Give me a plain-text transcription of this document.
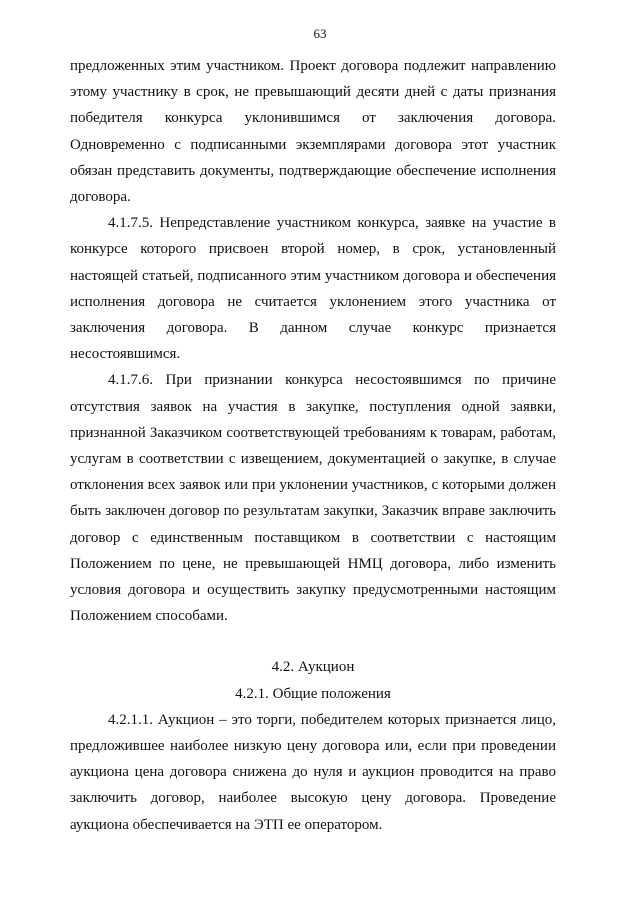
63

предложенных этим участником. Проект договора подлежит направлению этому участнику в срок, не превышающий десяти дней с даты признания победителя конкурса уклонившимся от заключения договора. Одновременно с подписанными экземплярами договора этот участник обязан представить документы, подтверждающие обеспечение исполнения договора.

4.1.7.5. Непредставление участником конкурса, заявке на участие в конкурсе которого присвоен второй номер, в срок, установленный настоящей статьей, подписанного этим участником договора и обеспечения исполнения договора не считается уклонением этого участника от заключения договора. В данном случае конкурс признается несостоявшимся.

4.1.7.6. При признании конкурса несостоявшимся по причине отсутствия заявок на участия в закупке, поступления одной заявки, признанной Заказчиком соответствующей требованиям к товарам, работам, услугам в соответствии с извещением, документацией о закупке, в случае отклонения всех заявок или при уклонении участников, с которыми должен быть заключен договор по результатам закупки, Заказчик вправе заключить договор с единственным поставщиком в соответствии с настоящим Положением по цене, не превышающей НМЦ договора, либо изменить условия договора и осуществить закупку предусмотренными настоящим Положением способами.

4.2. Аукцион
4.2.1. Общие положения

4.2.1.1. Аукцион – это торги, победителем которых признается лицо, предложившее наиболее низкую цену договора или, если при проведении аукциона цена договора снижена до нуля и аукцион проводится на право заключить договор, наиболее высокую цену договора. Проведение аукциона обеспечивается на ЭТП ее оператором.
